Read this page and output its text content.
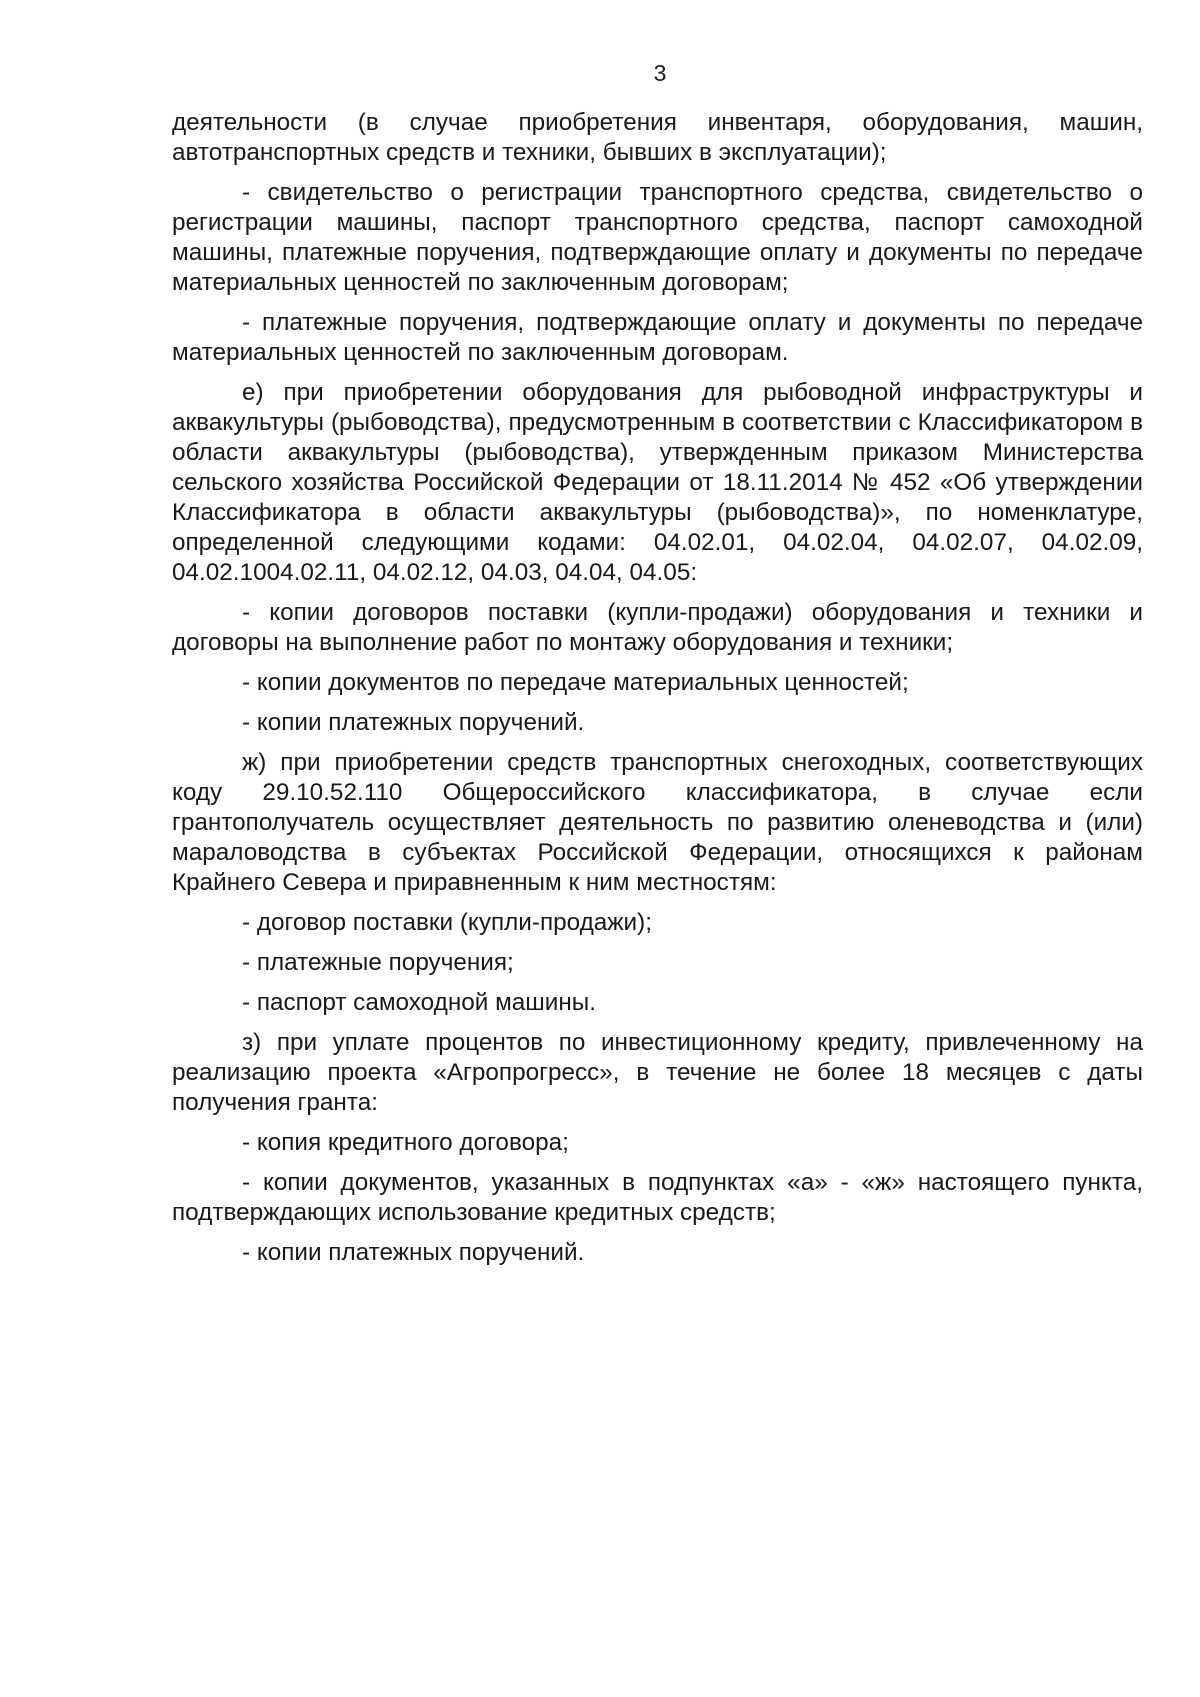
3

деятельности (в случае приобретения инвентаря, оборудования, машин, автотранспортных средств и техники, бывших в эксплуатации);

- свидетельство о регистрации транспортного средства, свидетельство о регистрации машины, паспорт транспортного средства, паспорт самоходной машины, платежные поручения, подтверждающие оплату и документы по передаче материальных ценностей по заключенным договорам;

- платежные поручения, подтверждающие оплату и документы по передаче материальных ценностей по заключенным договорам.

е) при приобретении оборудования для рыбоводной инфраструктуры и аквакультуры (рыбоводства), предусмотренным в соответствии с Классификатором в области аквакультуры (рыбоводства), утвержденным приказом Министерства сельского хозяйства Российской Федерации от 18.11.2014 № 452 «Об утверждении Классификатора в области аквакультуры (рыбоводства)», по номенклатуре, определенной следующими кодами: 04.02.01, 04.02.04, 04.02.07, 04.02.09, 04.02.1004.02.11, 04.02.12, 04.03, 04.04, 04.05:

- копии договоров поставки (купли-продажи) оборудования и техники и договоры на выполнение работ по монтажу оборудования и техники;

- копии документов по передаче материальных ценностей;

- копии платежных поручений.

ж) при приобретении средств транспортных снегоходных, соответствующих коду 29.10.52.110 Общероссийского классификатора, в случае если грантополучатель осуществляет деятельность по развитию оленеводства и (или) мараловодства в субъектах Российской Федерации, относящихся к районам Крайнего Севера и приравненным к ним местностям:

- договор поставки (купли-продажи);

- платежные поручения;

- паспорт самоходной машины.

з) при уплате процентов по инвестиционному кредиту, привлеченному на реализацию проекта «Агропрогресс», в течение не более 18 месяцев с даты получения гранта:

- копия кредитного договора;

- копии документов, указанных в подпунктах «а» - «ж» настоящего пункта, подтверждающих использование кредитных средств;

- копии платежных поручений.
